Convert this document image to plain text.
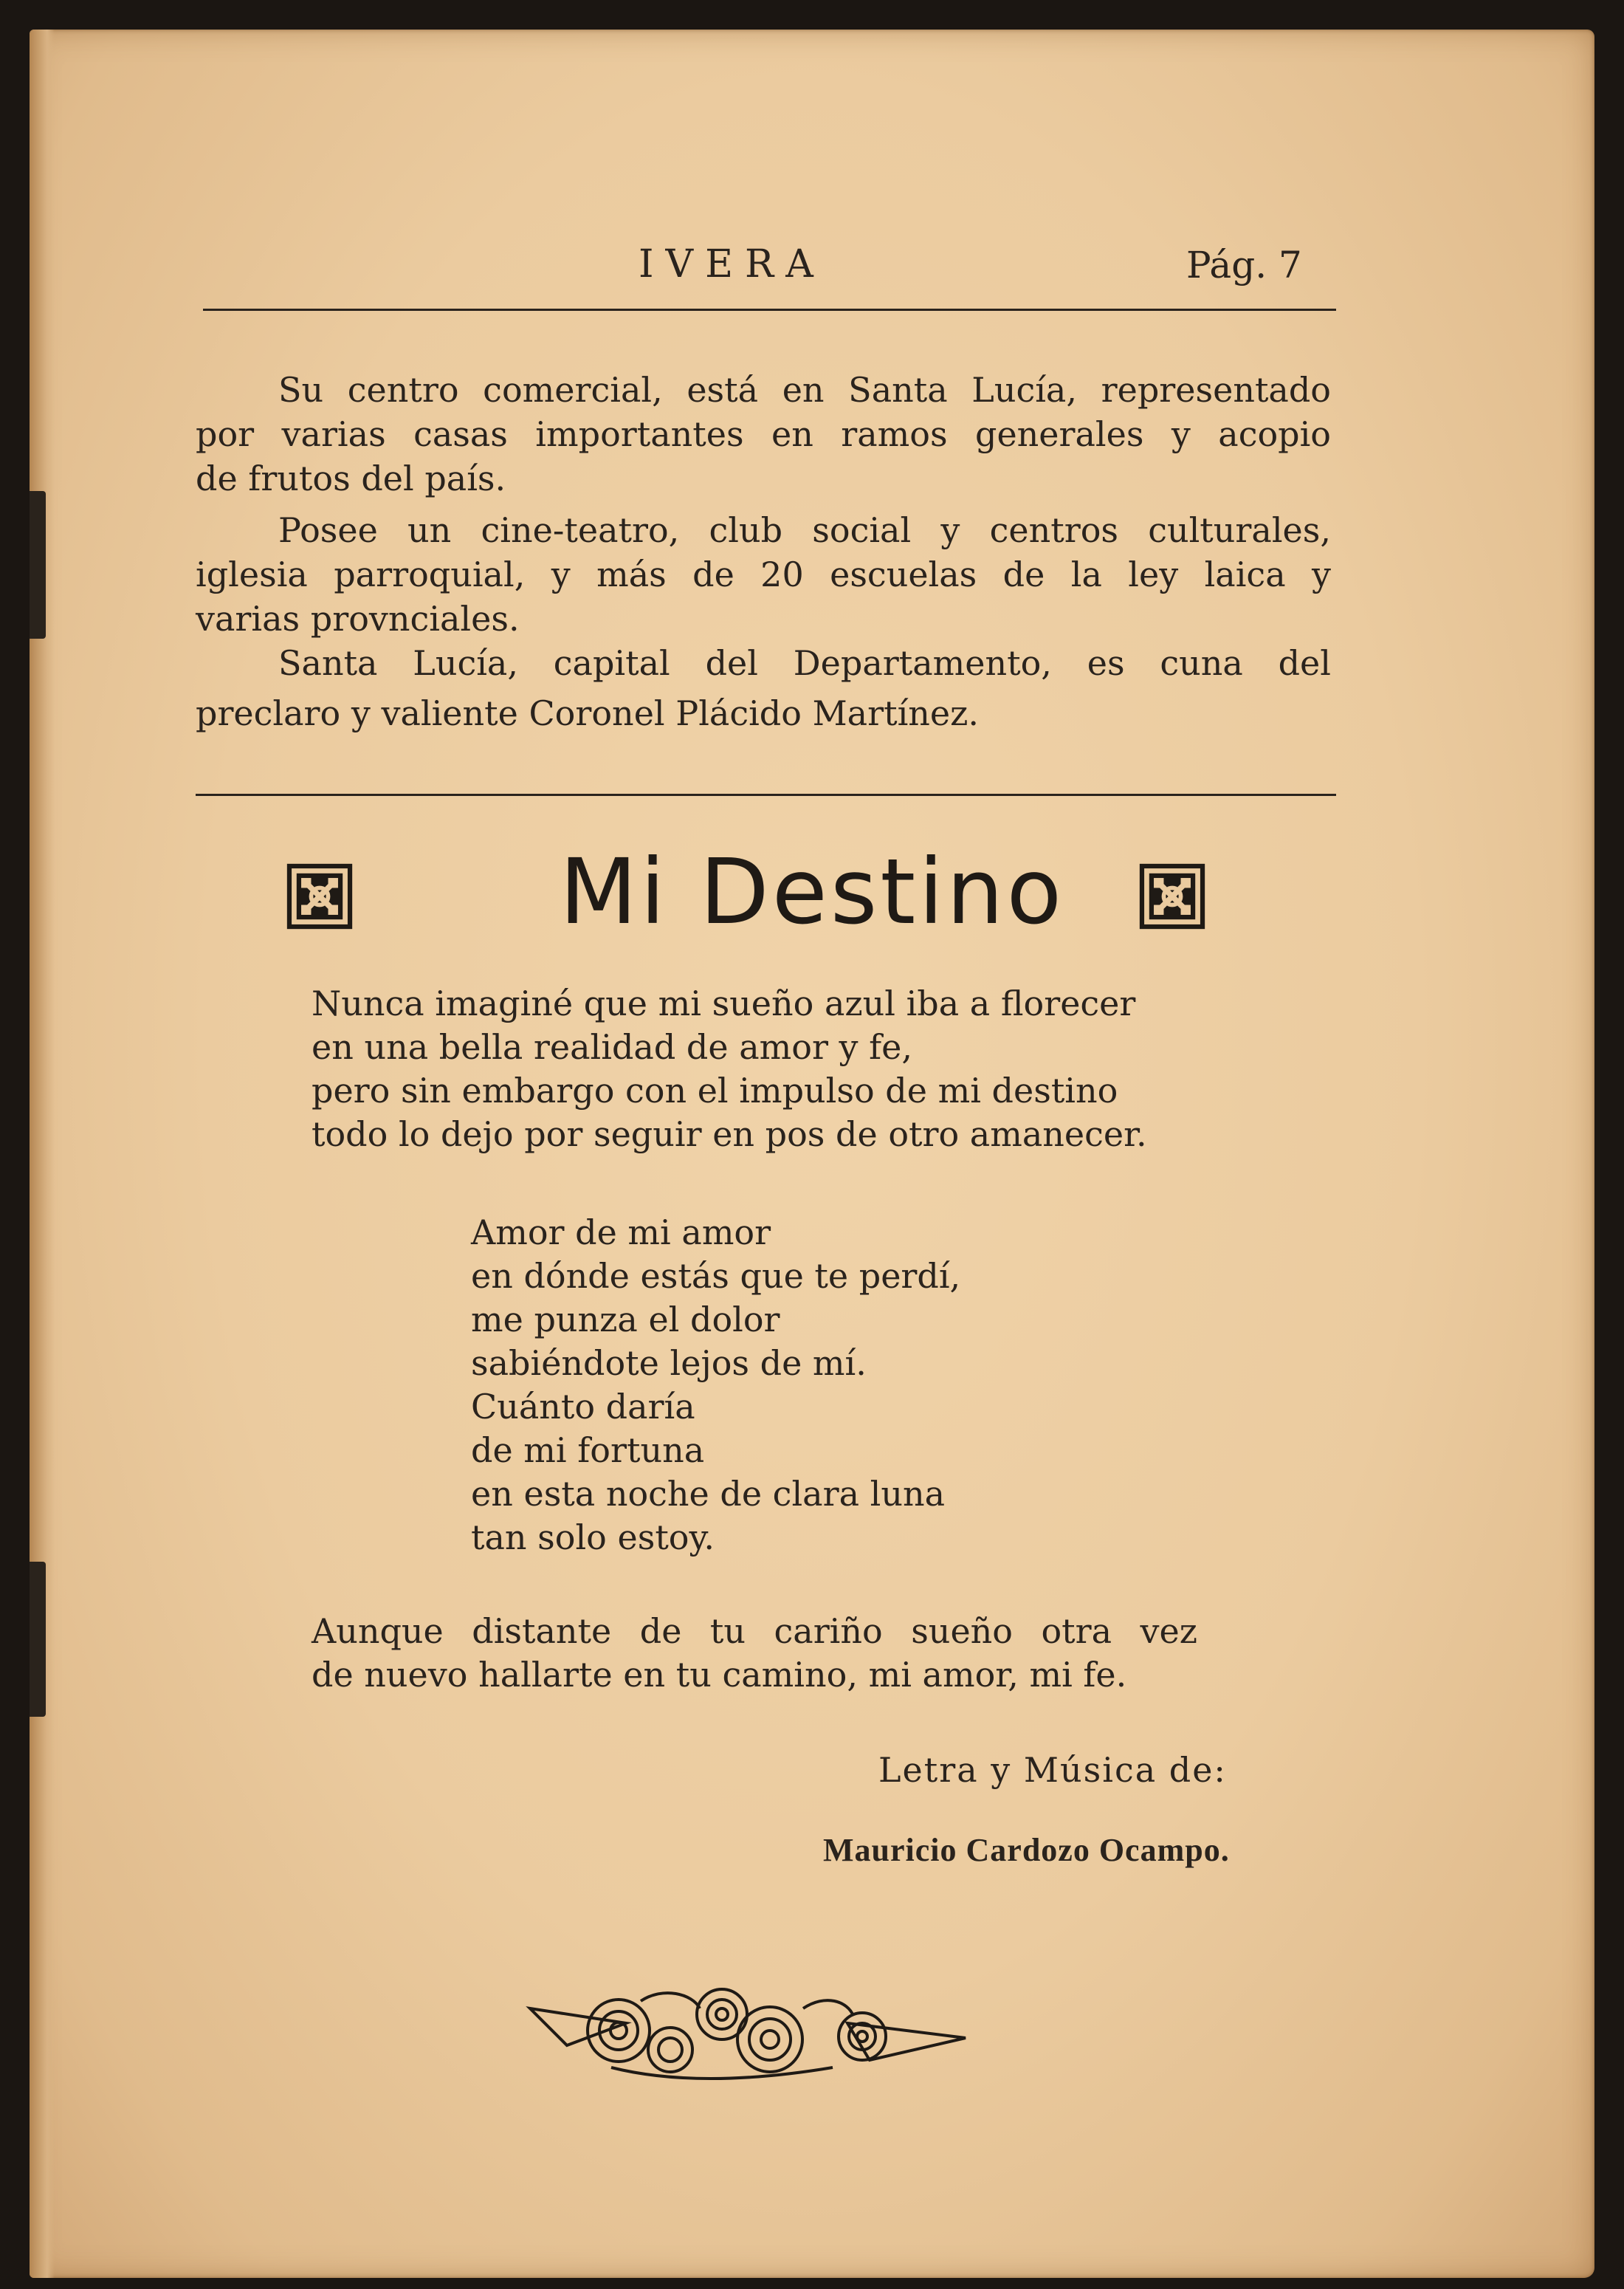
IVERA	Pág. 7
Su centro comercial, está en Santa Lucía, representado
por varias casas importantes en ramos generales y acopio
de frutos del país.
Posee un cine-teatro, club social y centros culturales,
iglesia parroquial, y más de 20 escuelas de la ley laica y
varias provnciales.
Santa Lucía, capital del Departamento, es cuna del
preclaro y valiente Coronel Plácido Martínez.
Mi Destino
Nunca imaginé que mi sueño azul iba a florecer
en una bella realidad de amor y fe,
pero sin embargo con el impulso de mi destino
todo lo dejo por seguir en pos de otro amanecer.
Amor de mi amor
en dónde estás que te perdí,
me punza el dolor
sabiéndote lejos de mí.
Cuánto daría
de mi fortuna
en esta noche de clara luna
tan solo estoy.
Aunque distante de tu cariño sueño otra vez
de nuevo hallarte en tu camino, mi amor, mi fe.
Letra y Música de:
Mauricio Cardozo Ocampo.
